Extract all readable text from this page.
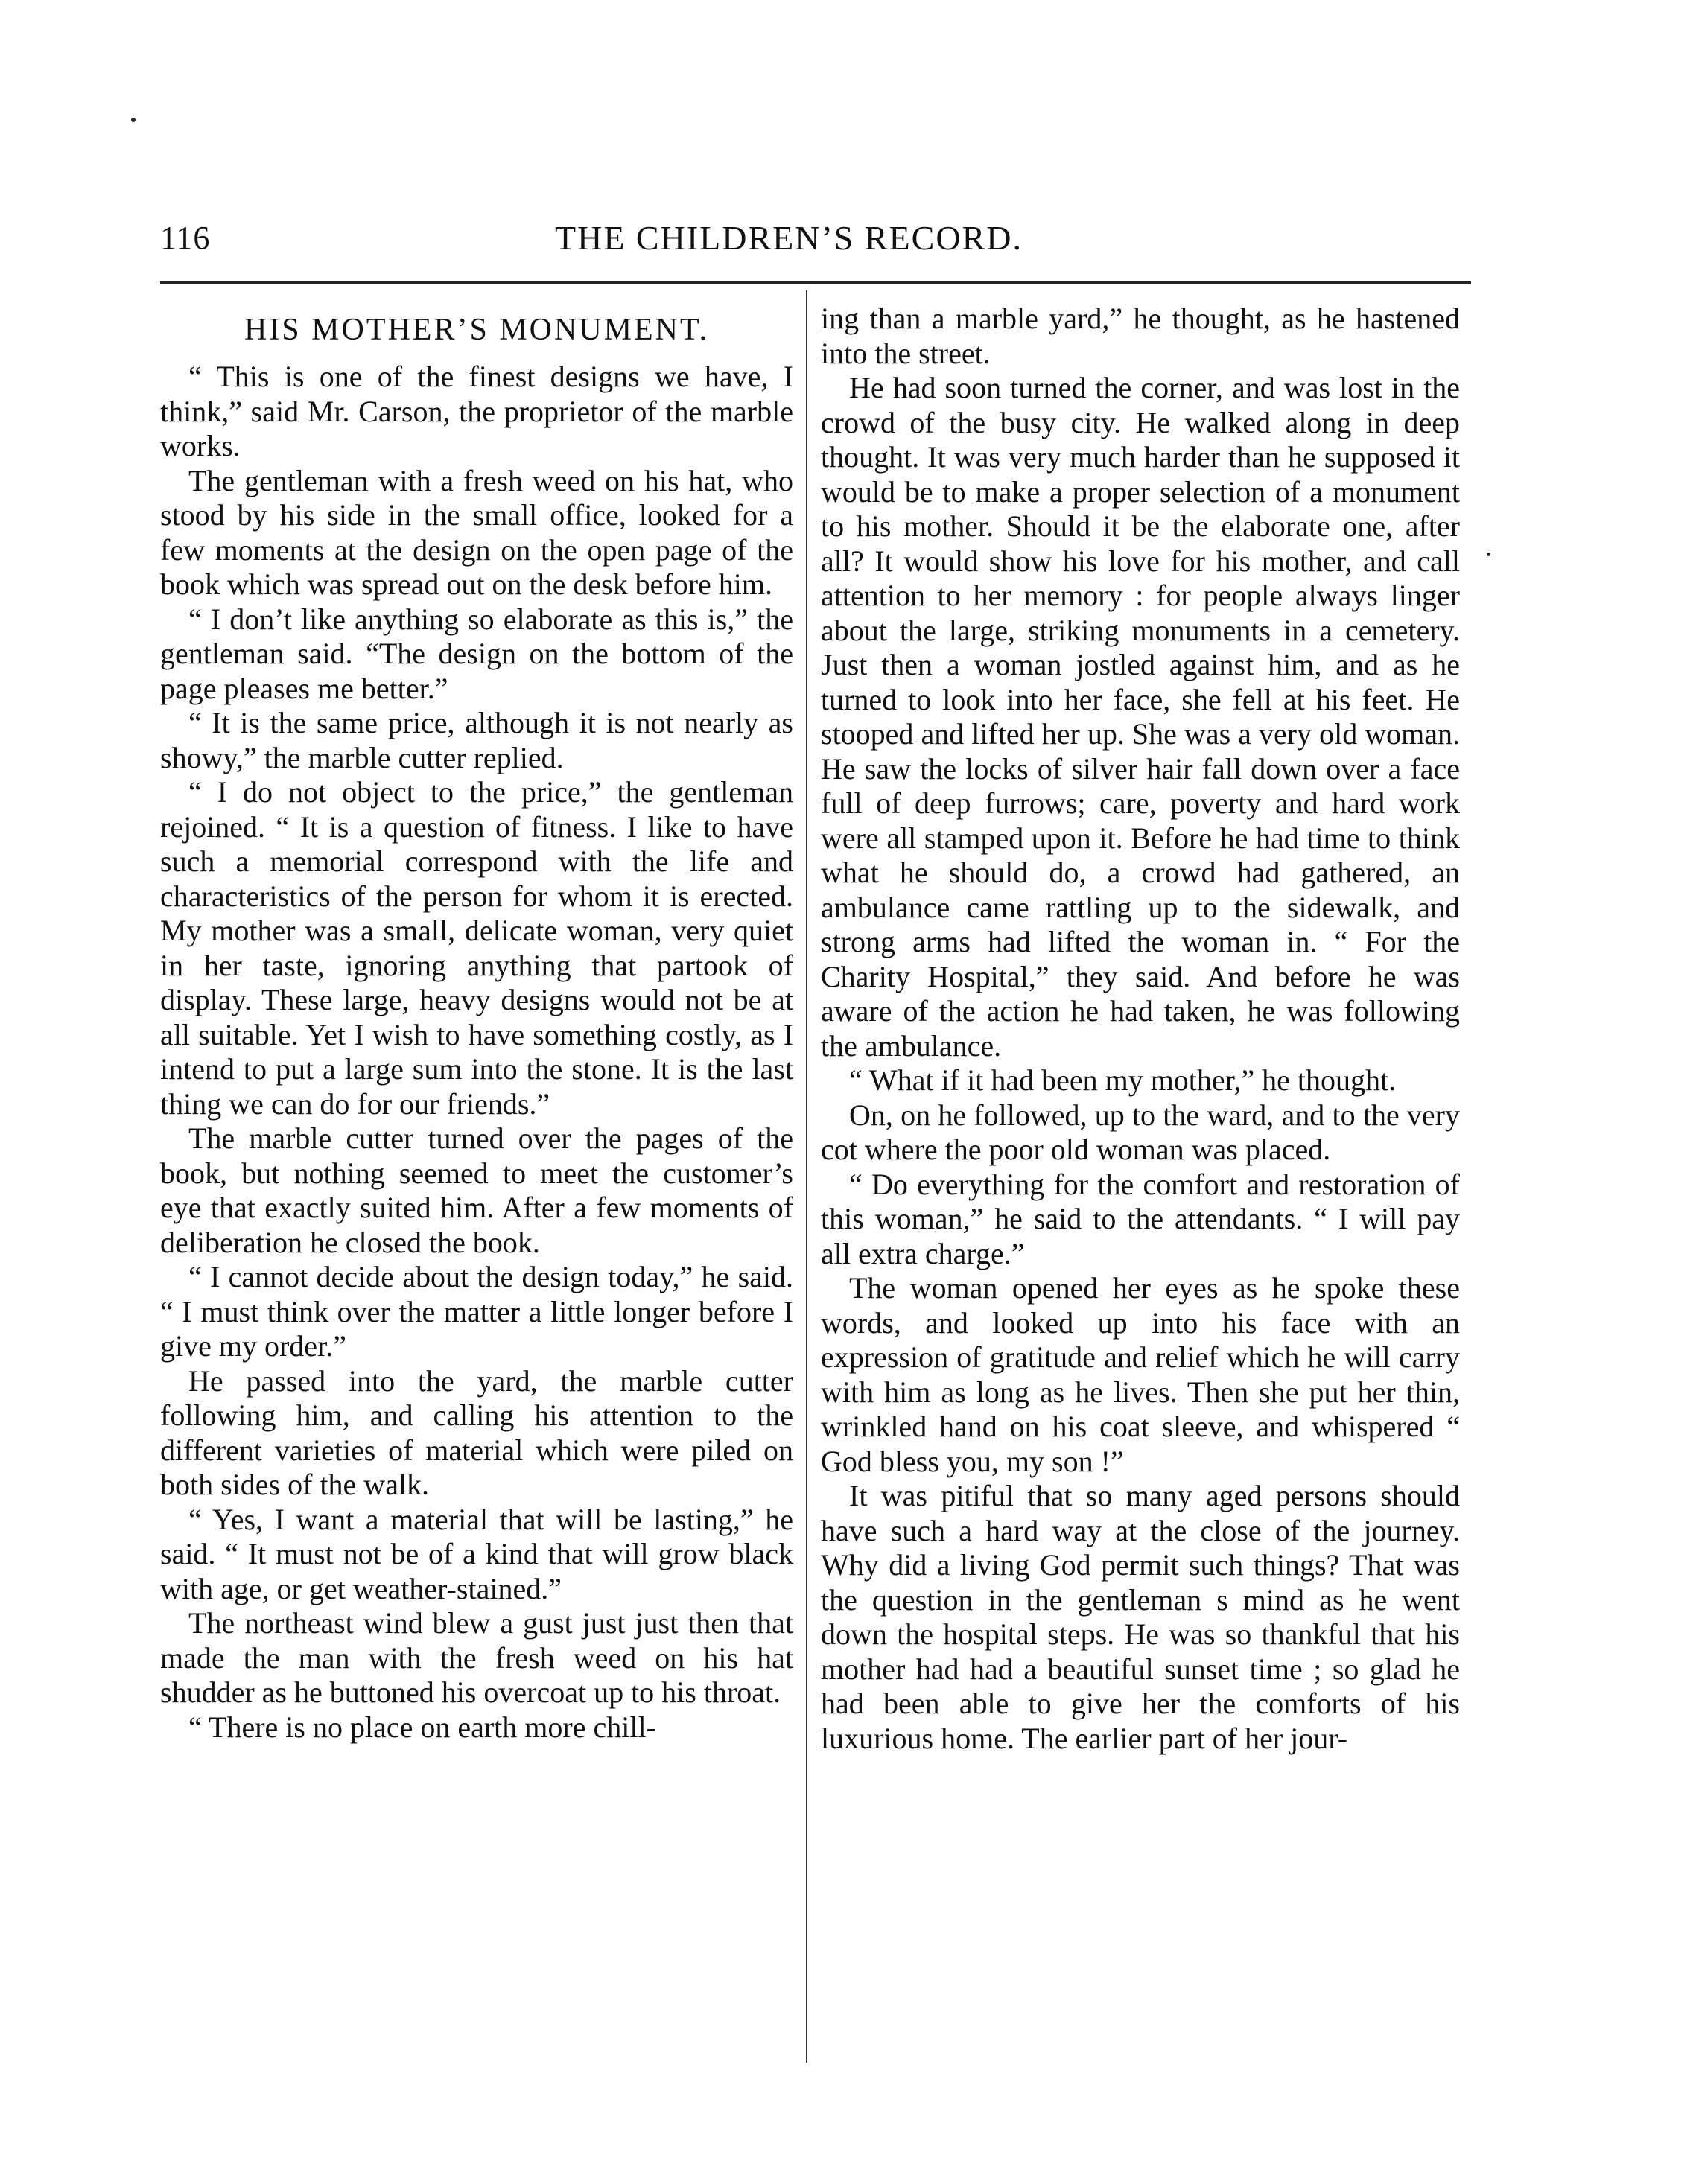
116	THE CHILDREN’S RECORD.
HIS MOTHER’S MONUMENT.

“ This is one of the finest designs we have, I think,” said Mr. Carson, the proprietor of the marble works.

The gentleman with a fresh weed on his hat, who stood by his side in the small office, looked for a few moments at the design on the open page of the book which was spread out on the desk before him.

“ I don’t like anything so elaborate as this is,” the gentleman said. “The design on the bottom of the page pleases me better.”

“ It is the same price, although it is not nearly as showy,” the marble cutter replied.

“ I do not object to the price,” the gentleman rejoined. “ It is a question of fitness. I like to have such a memorial correspond with the life and characteristics of the person for whom it is erected. My mother was a small, delicate woman, very quiet in her taste, ignoring anything that partook of display. These large, heavy designs would not be at all suitable. Yet I wish to have something costly, as I intend to put a large sum into the stone. It is the last thing we can do for our friends.”

The marble cutter turned over the pages of the book, but nothing seemed to meet the customer’s eye that exactly suited him. After a few moments of deliberation he closed the book.

“ I cannot decide about the design today,” he said. “ I must think over the matter a little longer before I give my order.”

He passed into the yard, the marble cutter following him, and calling his attention to the different varieties of material which were piled on both sides of the walk.

“ Yes, I want a material that will be lasting,” he said. “ It must not be of a kind that will grow black with age, or get weather-stained.”

The northeast wind blew a gust just just then that made the man with the fresh weed on his hat shudder as he buttoned his overcoat up to his throat.

“ There is no place on earth more chill-

ing than a marble yard,” he thought, as he hastened into the street.

He had soon turned the corner, and was lost in the crowd of the busy city. He walked along in deep thought. It was very much harder than he supposed it would be to make a proper selection of a monument to his mother. Should it be the elaborate one, after all? It would show his love for his mother, and call attention to her memory : for people always linger about the large, striking monuments in a cemetery. Just then a woman jostled against him, and as he turned to look into her face, she fell at his feet. He stooped and lifted her up. She was a very old woman. He saw the locks of silver hair fall down over a face full of deep furrows; care, poverty and hard work were all stamped upon it. Before he had time to think what he should do, a crowd had gathered, an ambulance came rattling up to the sidewalk, and strong arms had lifted the woman in. “ For the Charity Hospital,” they said. And before he was aware of the action he had taken, he was following the ambulance.

“ What if it had been my mother,” he thought.

On, on he followed, up to the ward, and to the very cot where the poor old woman was placed.

“ Do everything for the comfort and restoration of this woman,” he said to the attendants. “ I will pay all extra charge.”

The woman opened her eyes as he spoke these words, and looked up into his face with an expression of gratitude and relief which he will carry with him as long as he lives. Then she put her thin, wrinkled hand on his coat sleeve, and whispered “ God bless you, my son !”

It was pitiful that so many aged persons should have such a hard way at the close of the journey. Why did a living God permit such things? That was the question in the gentleman s mind as he went down the hospital steps. He was so thankful that his mother had had a beautiful sunset time ; so glad he had been able to give her the comforts of his luxurious home. The earlier part of her jour-
